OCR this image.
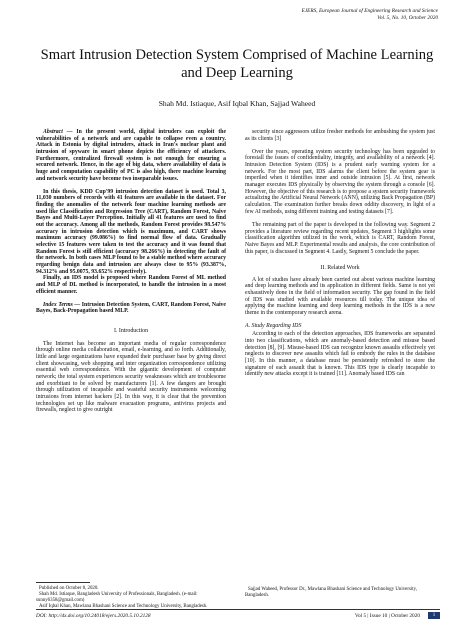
EJERS, European Journal of Engineering Research and Science
Vol. 5, No. 10, October 2020
Smart Intrusion Detection System Comprised of Machine Learning and Deep Learning
Shah Md. Istiaque, Asif Iqbal Khan, Sajjad Waheed

Abstract — In the present world, digital intruders can exploit the vulnerabilities of a network and are capable to collapse even a country. Attack in Estonia by digital intruders, attack in Iran's nuclear plant and intrusion of spyware in smart phone depicts the efficiency of attackers. Furthermore, centralized firewall system is not enough for ensuring a secured network. Hence, in the age of big data, where availability of data is huge and computation capability of PC is also high, there machine learning and network security have become two inseparable issues.

In this thesis, KDD Cup'99 intrusion detection dataset is used. Total 3, 11,030 numbers of records with 41 features are available in the dataset. For finding the anomalies of the network four machine learning methods are used like Classification and Regression Tree (CART), Random Forest, Naive Bayes and Multi-Layer Perception. Initially all 41 features are used to find out the accuracy. Among all the methods, Random Forest provides 98.547% accuracy in intrusion detection which is maximum, and CART shows maximum accuracy (99.086%) to find normal flow of data. Gradually selective 15 features were taken to test the accuracy and it was found that Random Forest is still efficient (accuracy 98.266%) in detecting the fault of the network. In both cases MLP found to be a stable method where accuracy regarding benign data and intrusion are always close to 95% (93.387%, 94.312% and 95.0075, 93.652% respectively).

Finally, an IDS model is proposed where Random Forest of ML method and MLP of DL method is incorporated, to handle the intrusion in a most efficient manner.

Index Terms — Intrusion Detection System, CART, Random Forest, Naive Bayes, Back-Propagation based MLP.

I. Introduction

The Internet has become an important media of regular correspondence through online media collaboration, email, e-learning, and so forth. Additionally, little and large organizations have expanded their purchaser base by giving direct client showcasing, web shopping and inter organization correspondence utilizing essential web correspondence. With the gigantic development of computer network; the total system experiences security weaknesses which are troublesome and exorbitant to be solved by manufacturers [1]. A few dangers are brought through utilization of incapable and wasteful security instruments welcoming intrusions from internet hackers [2]. In this way, it is clear that the prevention technologies set up like malware evacuation programs, antivirus projects and firewalls, neglect to give outright

security since aggressors utilize fresher methods for ambushing the system just as its clients [3]

Over the years, operating system security technology has been upgraded to forestall the issues of confidentiality, integrity, and availability of a network [4]. Intrusion Detection System (IDS) is a prudent early warning system for a network. For the most part, IDS alarms the client before the system gear is imperiled when it identifies inner and outside intrusion [5]. At first, network manager executes IDS physically by observing the system through a console [6]. However, the objective of this research is to propose a system security framework actualizing the Artificial Neural Network (ANN), utilizing Back Propagation (BP) calculation. The examination further breaks down oddity discovery, in light of a few AI methods, using different training and testing datasets [7].

The remaining part of the paper is developed in the following way. Segment 2 provides a literature review regarding recent updates, Segment 3 highlights some classification algorithm utilized in the work, which is CART, Random Forest, Naive Bayes and MLP. Experimental results and analysis, the core contribution of this paper, is discussed in Segment 4. Lastly, Segment 5 conclude the paper.

II. Related Work

A lot of studies have already been carried out about various machine learning and deep learning methods and its application in different fields. Same is not yet exhaustively done in the field of information security. The gap found in the field of IDS was studied with available resources till today. The unique idea of applying the machine learning and deep learning methods in the IDS is a new theme in the contemporary research arena.

A. Study Regarding IDS

According to each of the detection approaches, IDS frameworks are separated into two classifications, which are anomaly-based detection and misuse based detection [8], [9]. Misuse-based IDS can recognize known assaults effectively yet neglects to discover new assaults which fail to embody the rules in the database [10]. In this manner, a database must be persistently refreshed to store the signature of each assault that is known. This IDS type is clearly incapable to identify new attacks except it is trained [11]. Anomaly based IDS can

Published on October 8, 2020.

Shah Md. Istiaque, Bangladesh University of Professionals, Bangladesh. (e-mail: sunny6358@gmail.com)

Asif Iqbal Khan, Mawlana Bhashani Science and Technology University, Bangladesh.

Sajjad Waheed, Professor Dr., Mawlana Bhashani Science and Technology University, Bangladesh.

DOI: http://dx.doi.org/10.24018/ejers.2020.5.10.2128	Vol 5 | Issue 10 | October 2020	1
